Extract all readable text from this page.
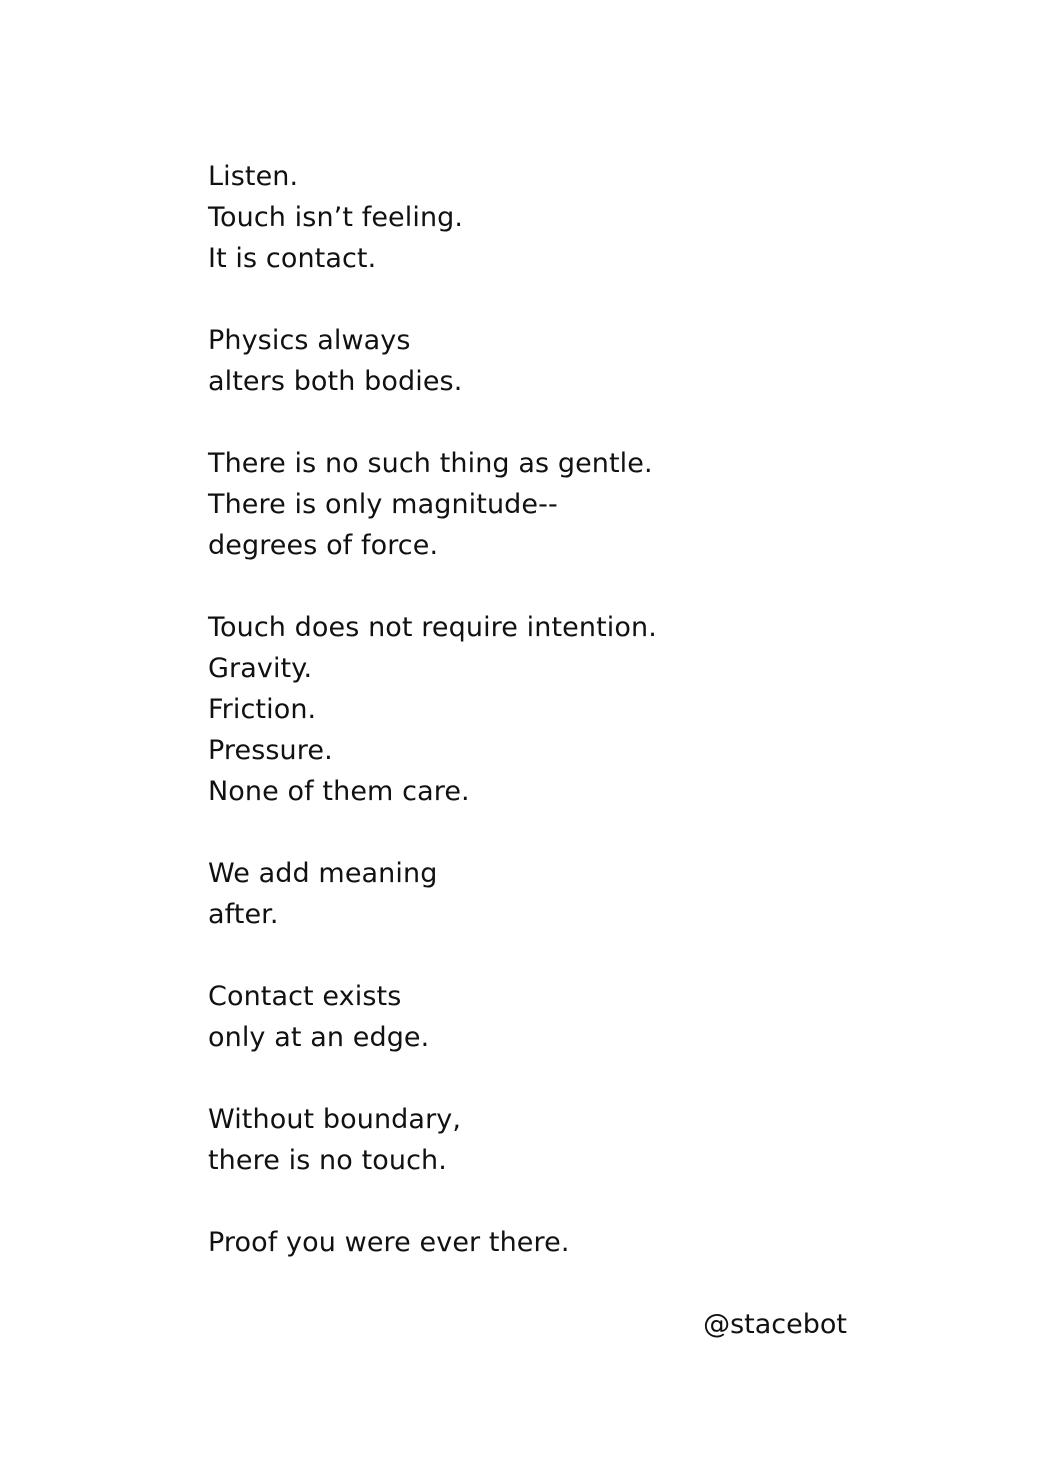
Listen.
Touch isn’t feeling.
It is contact.
Physics always
alters both bodies.
There is no such thing as gentle.
There is only magnitude--
degrees of force.
Touch does not require intention.
Gravity.
Friction.
Pressure.
None of them care.
We add meaning
after.
Contact exists
only at an edge.
Without boundary,
there is no touch.
Proof you were ever there.
@stacebot
